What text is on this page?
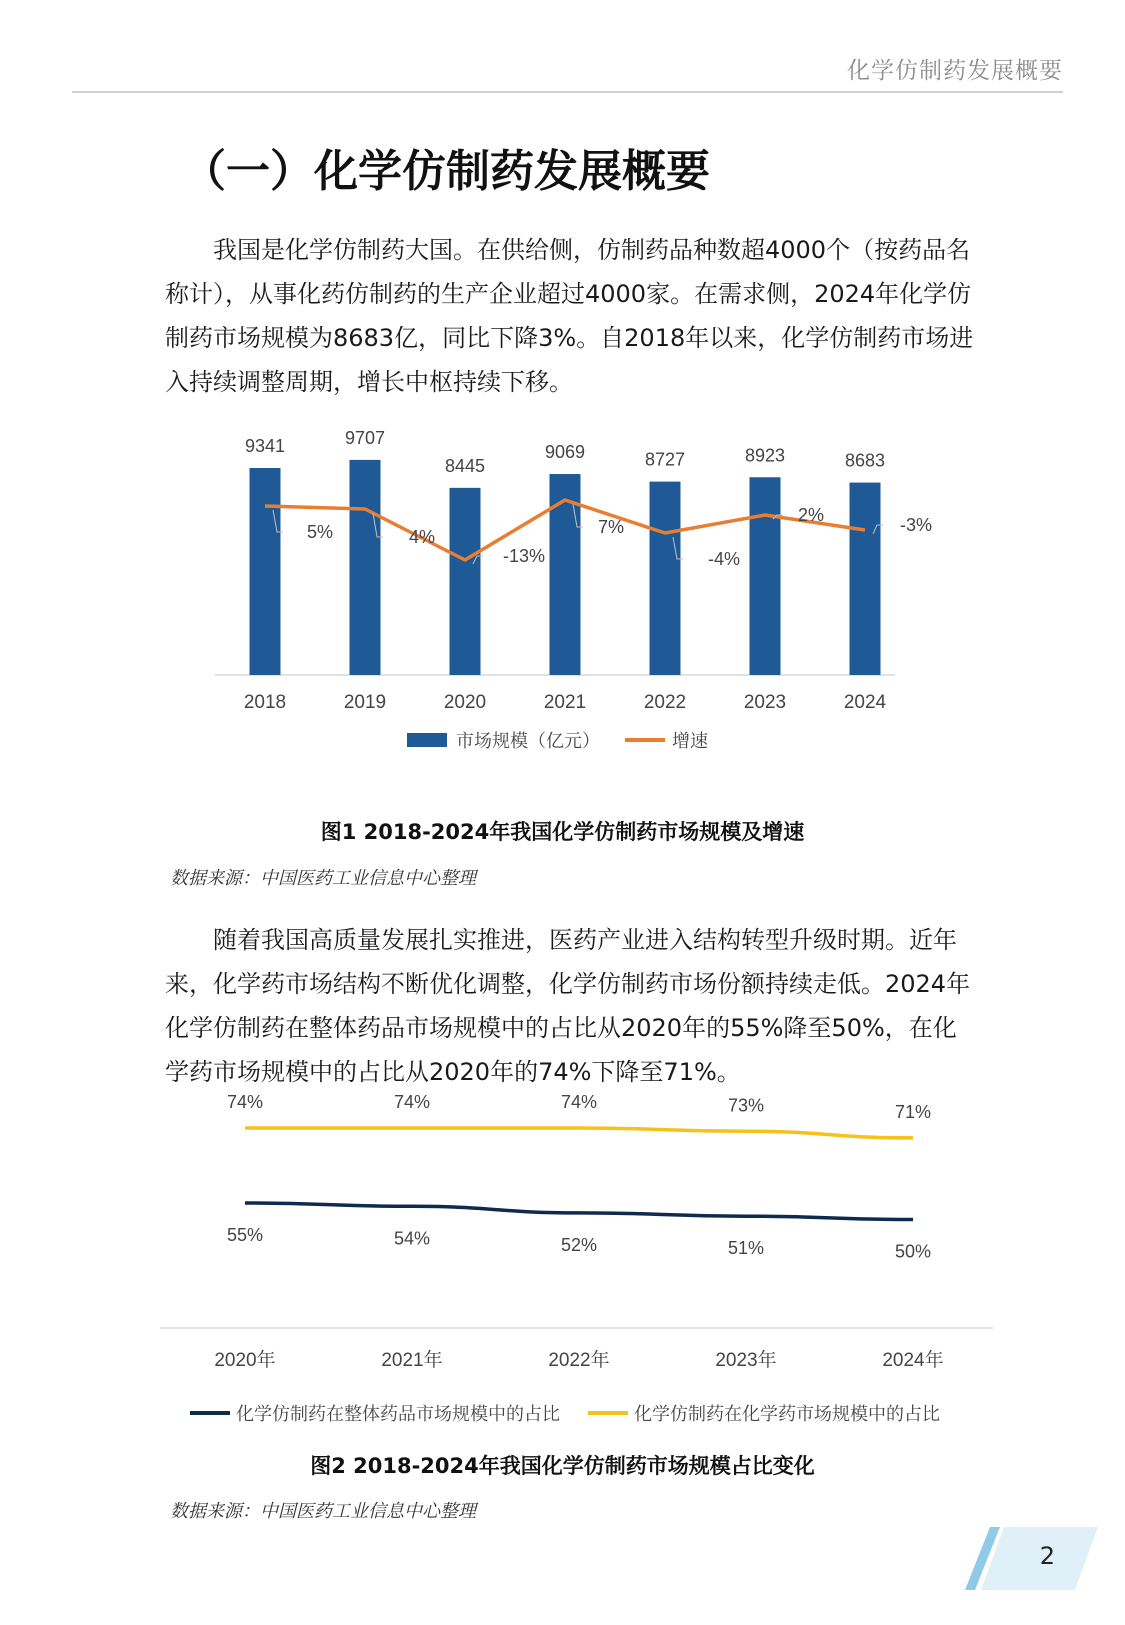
化学仿制药发展概要
（一）化学仿制药发展概要

我国是化学仿制药大国。在供给侧，仿制药品种数超4000个（按药品名称计），从事化药仿制药的生产企业超过4000家。在需求侧，2024年化学仿制药市场规模为8683亿，同比下降3%。自2018年以来，化学仿制药市场进入持续调整周期，增长中枢持续下移。

9341
2018
9707
2019
8445
2020
9069
2021
8727
2022
8923
2023
8683
2024
5%	4%
-13%
7%
-4%
2%	-3%
市场规模（亿元）	增速
图1 2018-2024年我国化学仿制药市场规模及增速
数据来源：中国医药工业信息中心整理

随着我国高质量发展扎实推进，医药产业进入结构转型升级时期。近年来，化学药市场结构不断优化调整，化学仿制药市场份额持续走低。2024年化学仿制药在整体药品市场规模中的占比从2020年的55%降至50%，在化学药市场规模中的占比从2020年的74%下降至71%。

2020年	2021年	2022年	2023年	2024年
55%	54%	52%	51%	50%
74%	74%	74%	73%	71%
化学仿制药在整体药品市场规模中的占比	化学仿制药在化学药市场规模中的占比
图2 2018-2024年我国化学仿制药市场规模占比变化
数据来源：中国医药工业信息中心整理
2
